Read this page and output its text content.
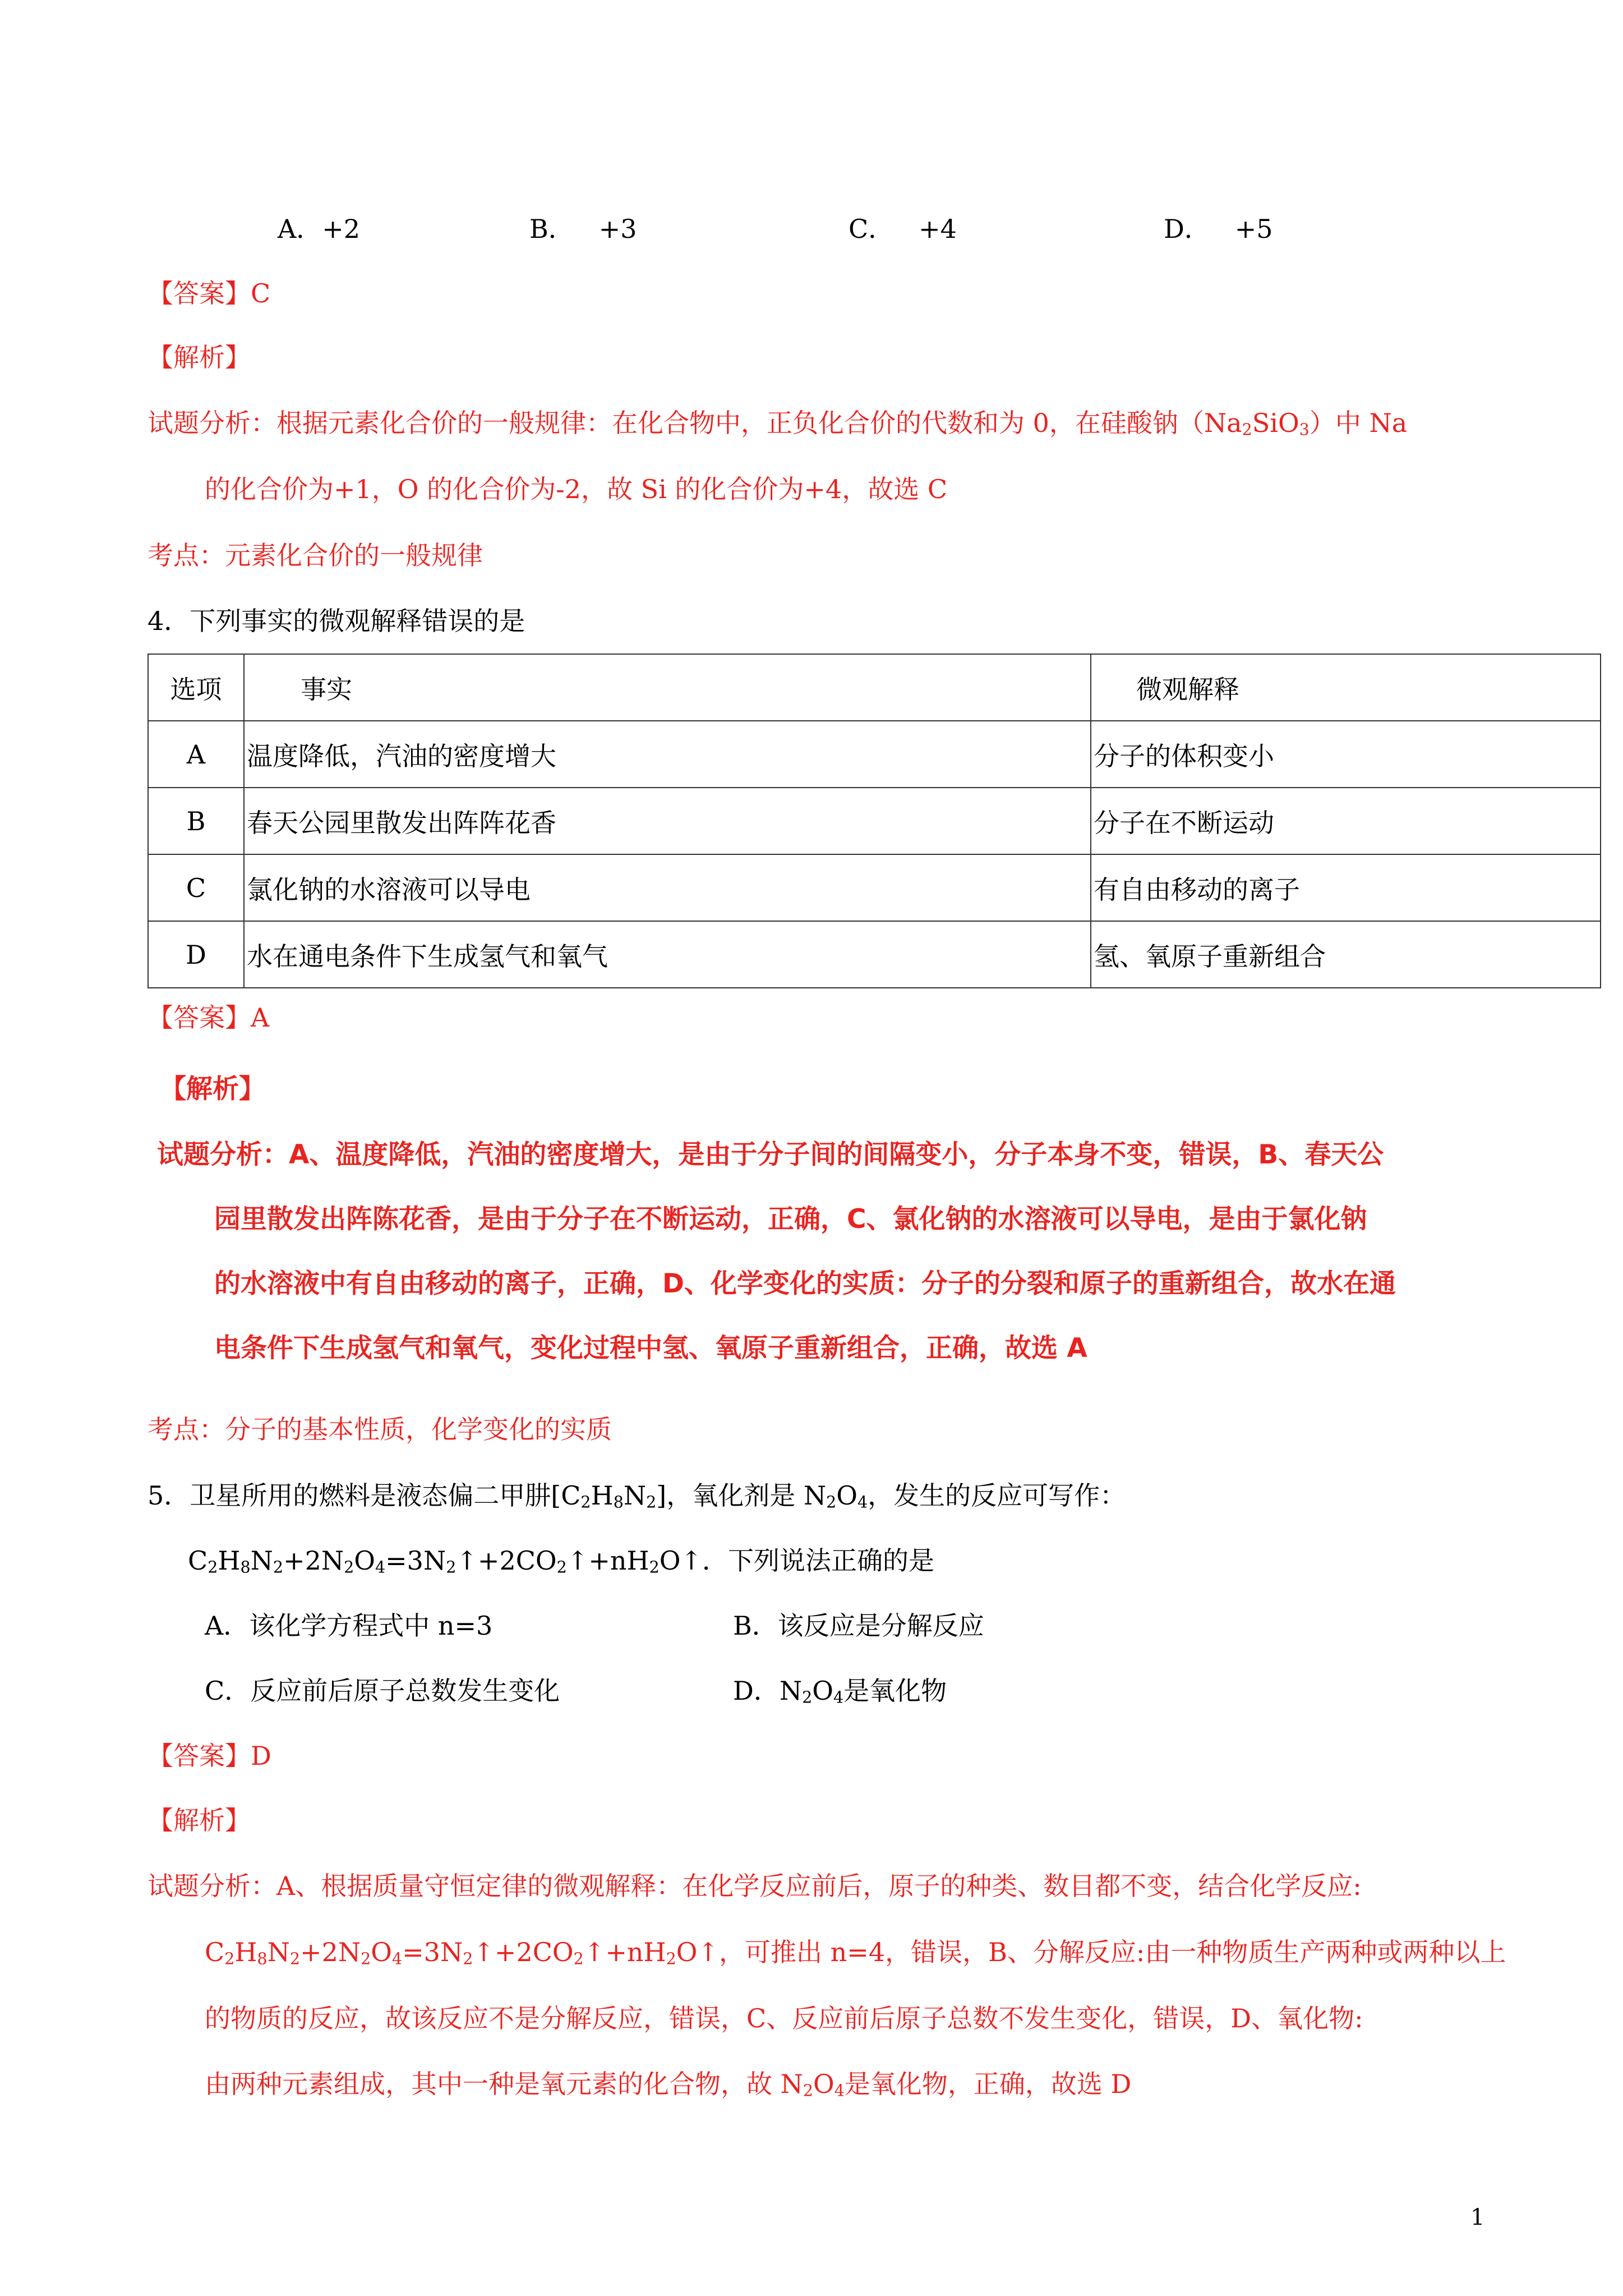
A．+2	B． +3	C． +4	D． +5
【答案】C
【解析】
试题分析：根据元素化合价的一般规律：在化合物中，正负化合价的代数和为 0，在硅酸钠$(Na_2SiO_3)$中 Na
的化合价为+1，O 的化合价为-2，故 Si 的化合价为+4，故选 C
考点：元素化合价的一般规律
4．下列事实的微观解释错误的是
选项	事实	微观解释
A	温度降低，汽油的密度增大	分子的体积变小
B	春天公园里散发出阵阵花香	分子在不断运动
C	氯化钠的水溶液可以导电	有自由移动的离子
D	水在通电条件下生成氢气和氧气	氢、氧原子重新组合
【答案】A
【解析】
试题分析：A、温度降低，汽油的密度增大，是由于分子间的间隔变小，分子本身不变，错误，B、春天公
园里散发出阵陈花香，是由于分子在不断运动，正确，C、氯化钠的水溶液可以导电，是由于氯化钠
的水溶液中有自由移动的离子，正确，D、化学变化的实质：分子的分裂和原子的重新组合，故水在通
电条件下生成氢气和氧气，变化过程中氢、氧原子重新组合，正确，故选 A
考点：分子的基本性质，化学变化的实质
5．卫星所用的燃料是液态偏二甲肼$[C_2H_8N_2]$，氧化剂是 $N_2O_4$，发生的反应可写作：
$C_2H_8N_2+2N_2O_4=3N_2↑+2CO_2↑+nH_2O↑$．下列说法正确的是
A．该化学方程式中 n=3	B．该反应是分解反应
C．反应前后原子总数发生变化	D．$N_2O_4$是氧化物
【答案】D
【解析】
试题分析：A、根据质量守恒定律的微观解释：在化学反应前后，原子的种类、数目都不变，结合化学反应:
$C_2H_8N_2+2N_2O_4=3N_2↑+2CO_2↑+nH_2O↑$，可推出 n=4，错误，B、分解反应:由一种物质生产两种或两种以上
的物质的反应，故该反应不是分解反应，错误，C、反应前后原子总数不发生变化，错误，D、氧化物:
由两种元素组成，其中一种是氧元素的化合物，故 $N_2O_4$是氧化物，正确，故选 D
1
